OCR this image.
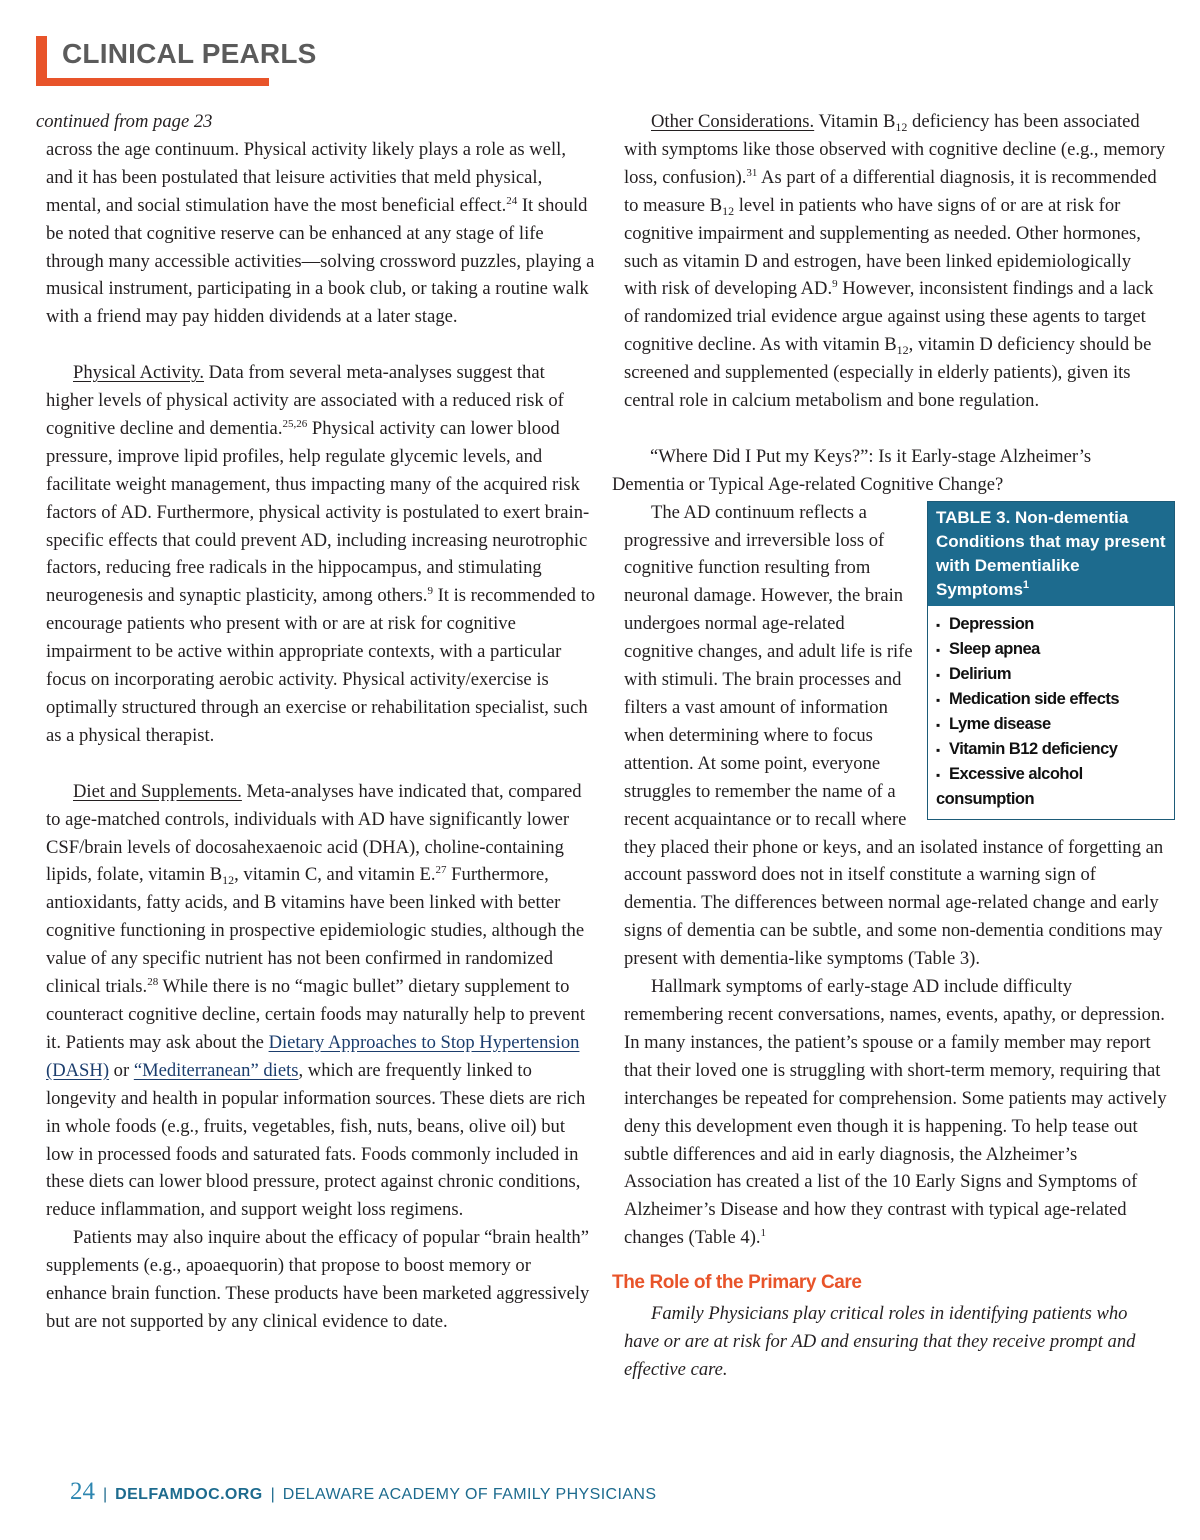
CLINICAL PEARLS

continued from page 23

across the age continuum. Physical activity likely plays a role as well, and it has been postulated that leisure activities that meld physical, mental, and social stimulation have the most beneficial effect.$^{24}$ It should be noted that cognitive reserve can be enhanced at any stage of life through many accessible activities—solving crossword puzzles, playing a musical instrument, participating in a book club, or taking a routine walk with a friend may pay hidden dividends at a later stage.

Physical Activity. Data from several meta-analyses suggest that higher levels of physical activity are associated with a reduced risk of cognitive decline and dementia.$^{25,26}$ Physical activity can lower blood pressure, improve lipid profiles, help regulate glycemic levels, and facilitate weight management, thus impacting many of the acquired risk factors of AD. Furthermore, physical activity is postulated to exert brain-specific effects that could prevent AD, including increasing neurotrophic factors, reducing free radicals in the hippocampus, and stimulating neurogenesis and synaptic plasticity, among others.$^9$ It is recommended to encourage patients who present with or are at risk for cognitive impairment to be active within appropriate contexts, with a particular focus on incorporating aerobic activity. Physical activity/exercise is optimally structured through an exercise or rehabilitation specialist, such as a physical therapist.

Diet and Supplements. Meta-analyses have indicated that, compared to age-matched controls, individuals with AD have significantly lower CSF/brain levels of docosahexaenoic acid (DHA), choline-containing lipids, folate, vitamin $B_{12}$, vitamin C, and vitamin E.$^{27}$ Furthermore, antioxidants, fatty acids, and B vitamins have been linked with better cognitive functioning in prospective epidemiologic studies, although the value of any specific nutrient has not been confirmed in randomized clinical trials.$^{28}$ While there is no “magic bullet” dietary supplement to counteract cognitive decline, certain foods may naturally help to prevent it. Patients may ask about the Dietary Approaches to Stop Hypertension (DASH) or “Mediterranean” diets, which are frequently linked to longevity and health in popular information sources. These diets are rich in whole foods (e.g., fruits, vegetables, fish, nuts, beans, olive oil) but low in processed foods and saturated fats. Foods commonly included in these diets can lower blood pressure, protect against chronic conditions, reduce inflammation, and support weight loss regimens.

Patients may also inquire about the efficacy of popular “brain health” supplements (e.g., apoaequorin) that propose to boost memory or enhance brain function. These products have been marketed aggressively but are not supported by any clinical evidence to date.

Other Considerations. Vitamin $B_{12}$ deficiency has been associated with symptoms like those observed with cognitive decline (e.g., memory loss, confusion).$^{31}$ As part of a differential diagnosis, it is recommended to measure $B_{12}$ level in patients who have signs of or are at risk for cognitive impairment and supplementing as needed. Other hormones, such as vitamin D and estrogen, have been linked epidemiologically with risk of developing AD.$^9$ However, inconsistent findings and a lack of randomized trial evidence argue against using these agents to target cognitive decline. As with vitamin $B_{12}$, vitamin D deficiency should be screened and supplemented (especially in elderly patients), given its central role in calcium metabolism and bone regulation.

“Where Did I Put my Keys?”: Is it Early-stage Alzheimer’s Dementia or Typical Age-related Cognitive Change?

TABLE 3. Non-dementia Conditions that may present with Dementialike Symptoms$^1$
▪ Depression
▪ Sleep apnea
▪ Delirium
▪ Medication side effects
▪ Lyme disease
▪ Vitamin B12 deficiency
▪ Excessive alcohol consumption

The AD continuum reflects a progressive and irreversible loss of cognitive function resulting from neuronal damage. However, the brain undergoes normal age-related cognitive changes, and adult life is rife with stimuli. The brain processes and filters a vast amount of information when determining where to focus attention. At some point, everyone struggles to remember the name of a recent acquaintance or to recall where they placed their phone or keys, and an isolated instance of forgetting an account password does not in itself constitute a warning sign of dementia. The differences between normal age-related change and early signs of dementia can be subtle, and some non-dementia conditions may present with dementia-like symptoms (Table 3).

Hallmark symptoms of early-stage AD include difficulty remembering recent conversations, names, events, apathy, or depression. In many instances, the patient’s spouse or a family member may report that their loved one is struggling with short-term memory, requiring that interchanges be repeated for comprehension. Some patients may actively deny this development even though it is happening. To help tease out subtle differences and aid in early diagnosis, the Alzheimer’s Association has created a list of the 10 Early Signs and Symptoms of Alzheimer’s Disease and how they contrast with typical age-related changes (Table 4).$^1$

The Role of the Primary Care

Family Physicians play critical roles in identifying patients who have or are at risk for AD and ensuring that they receive prompt and effective care.

24 | DELFAMDOC.ORG | DELAWARE ACADEMY OF FAMILY PHYSICIANS
